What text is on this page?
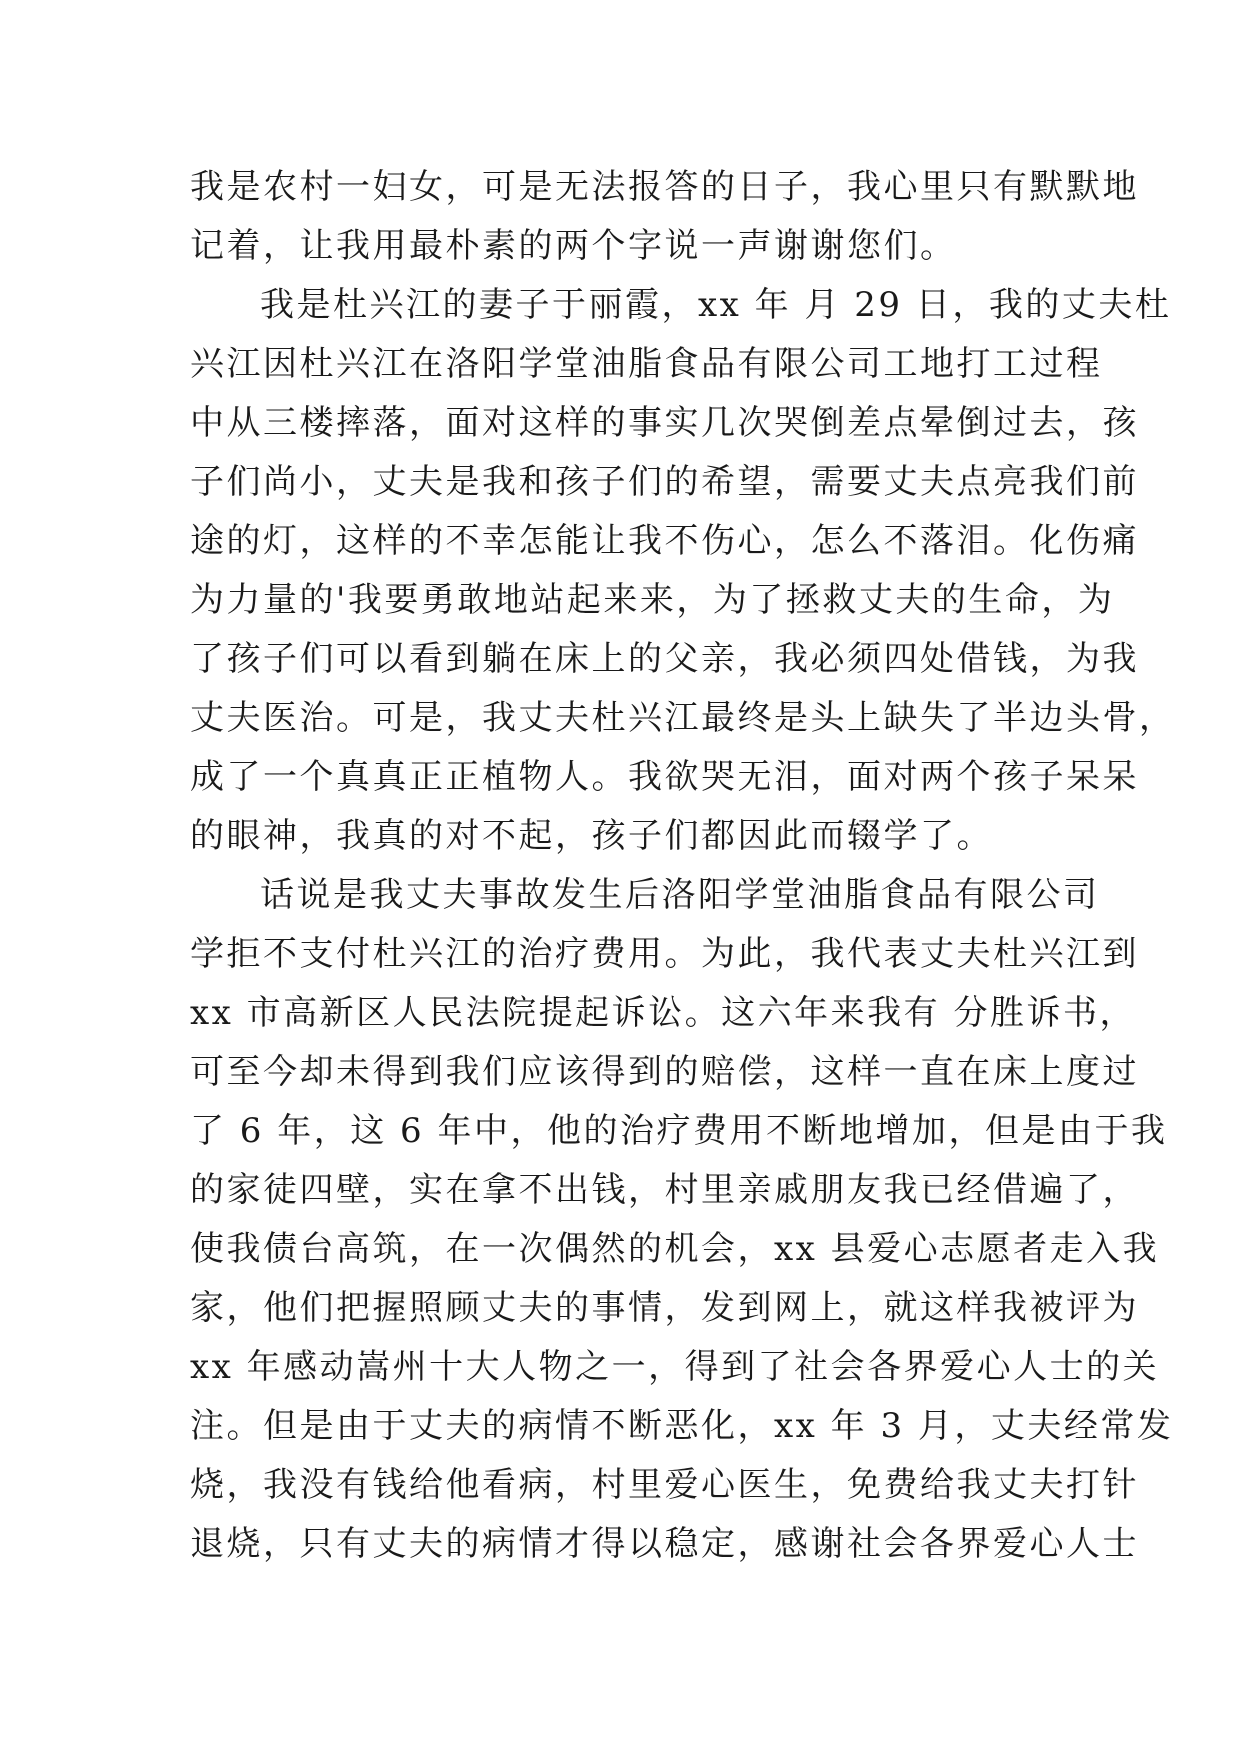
我是农村一妇女，可是无法报答的日子，我心里只有默默地
记着，让我用最朴素的两个字说一声谢谢您们。
我是杜兴江的妻子于丽霞，xx 年 月 29 日，我的丈夫杜
兴江因杜兴江在洛阳学堂油脂食品有限公司工地打工过程
中从三楼摔落，面对这样的事实几次哭倒差点晕倒过去，孩
子们尚小，丈夫是我和孩子们的希望，需要丈夫点亮我们前
途的灯，这样的不幸怎能让我不伤心，怎么不落泪。化伤痛
为力量的'我要勇敢地站起来来，为了拯救丈夫的生命，为
了孩子们可以看到躺在床上的父亲，我必须四处借钱，为我
丈夫医治。可是，我丈夫杜兴江最终是头上缺失了半边头骨，
成了一个真真正正植物人。我欲哭无泪，面对两个孩子呆呆
的眼神，我真的对不起，孩子们都因此而辍学了。
话说是我丈夫事故发生后洛阳学堂油脂食品有限公司
学拒不支付杜兴江的治疗费用。为此，我代表丈夫杜兴江到
xx 市高新区人民法院提起诉讼。这六年来我有 分胜诉书，
可至今却未得到我们应该得到的赔偿，这样一直在床上度过
了 6 年，这 6 年中，他的治疗费用不断地增加，但是由于我
的家徒四壁，实在拿不出钱，村里亲戚朋友我已经借遍了，
使我债台高筑，在一次偶然的机会，xx 县爱心志愿者走入我
家，他们把握照顾丈夫的事情，发到网上，就这样我被评为
xx 年感动嵩州十大人物之一，得到了社会各界爱心人士的关
注。但是由于丈夫的病情不断恶化，xx 年 3 月，丈夫经常发
烧，我没有钱给他看病，村里爱心医生，免费给我丈夫打针
退烧，只有丈夫的病情才得以稳定，感谢社会各界爱心人士
